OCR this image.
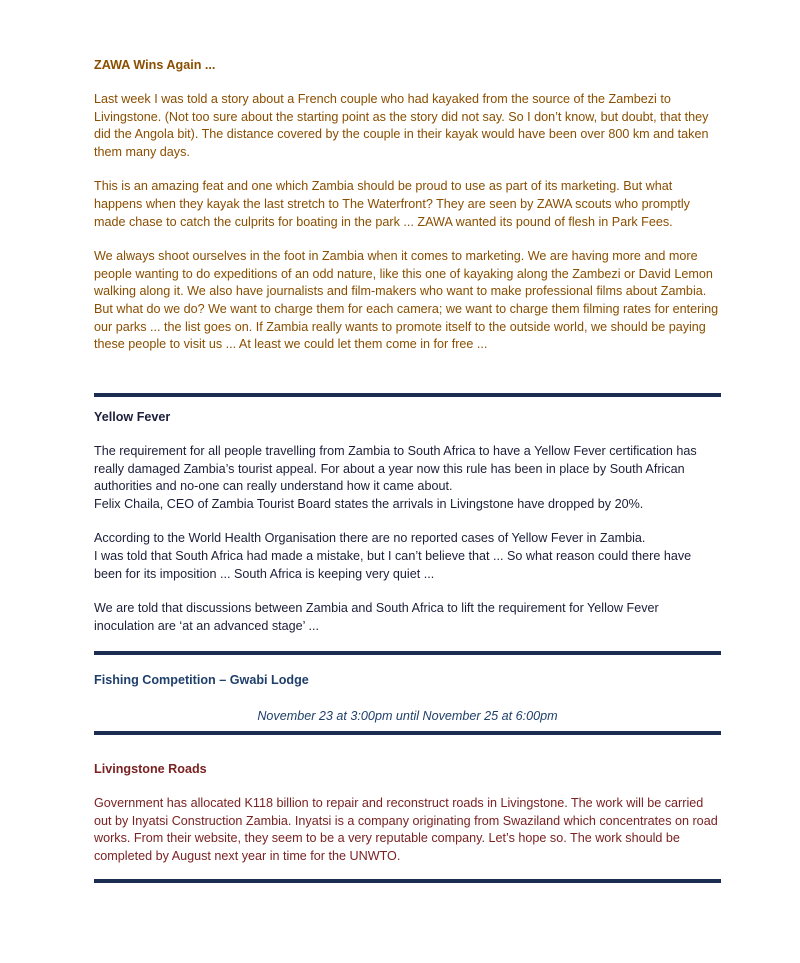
ZAWA Wins Again ...

Last week I was told a story about a French couple who had kayaked from the source of the Zambezi to Livingstone. (Not too sure about the starting point as the story did not say. So I don’t know, but doubt, that they did the Angola bit). The distance covered by the couple in their kayak would have been over 800 km and taken them many days.

This is an amazing feat and one which Zambia should be proud to use as part of its marketing. But what happens when they kayak the last stretch to The Waterfront? They are seen by ZAWA scouts who promptly made chase to catch the culprits for boating in the park ... ZAWA wanted its pound of flesh in Park Fees.

We always shoot ourselves in the foot in Zambia when it comes to marketing. We are having more and more people wanting to do expeditions of an odd nature, like this one of kayaking along the Zambezi or David Lemon walking along it. We also have journalists and film-makers who want to make professional films about Zambia. But what do we do? We want to charge them for each camera; we want to charge them filming rates for entering our parks ... the list goes on. If Zambia really wants to promote itself to the outside world, we should be paying these people to visit us ... At least we could let them come in for free ...

Yellow Fever

The requirement for all people travelling from Zambia to South Africa to have a Yellow Fever certification has really damaged Zambia’s tourist appeal. For about a year now this rule has been in place by South African authorities and no-one can really understand how it came about.

Felix Chaila, CEO of Zambia Tourist Board states the arrivals in Livingstone have dropped by 20%.

According to the World Health Organisation there are no reported cases of Yellow Fever in Zambia.

I was told that South Africa had made a mistake, but I can’t believe that ... So what reason could there have been for its imposition ... South Africa is keeping very quiet ...

We are told that discussions between Zambia and South Africa to lift the requirement for Yellow Fever inoculation are ‘at an advanced stage’ ...

Fishing Competition – Gwabi Lodge

November 23 at 3:00pm until November 25 at 6:00pm

Livingstone Roads

Government has allocated K118 billion to repair and reconstruct roads in Livingstone. The work will be carried out by Inyatsi Construction Zambia. Inyatsi is a company originating from Swaziland which concentrates on road works. From their website, they seem to be a very reputable company. Let’s hope so. The work should be completed by August next year in time for the UNWTO.
